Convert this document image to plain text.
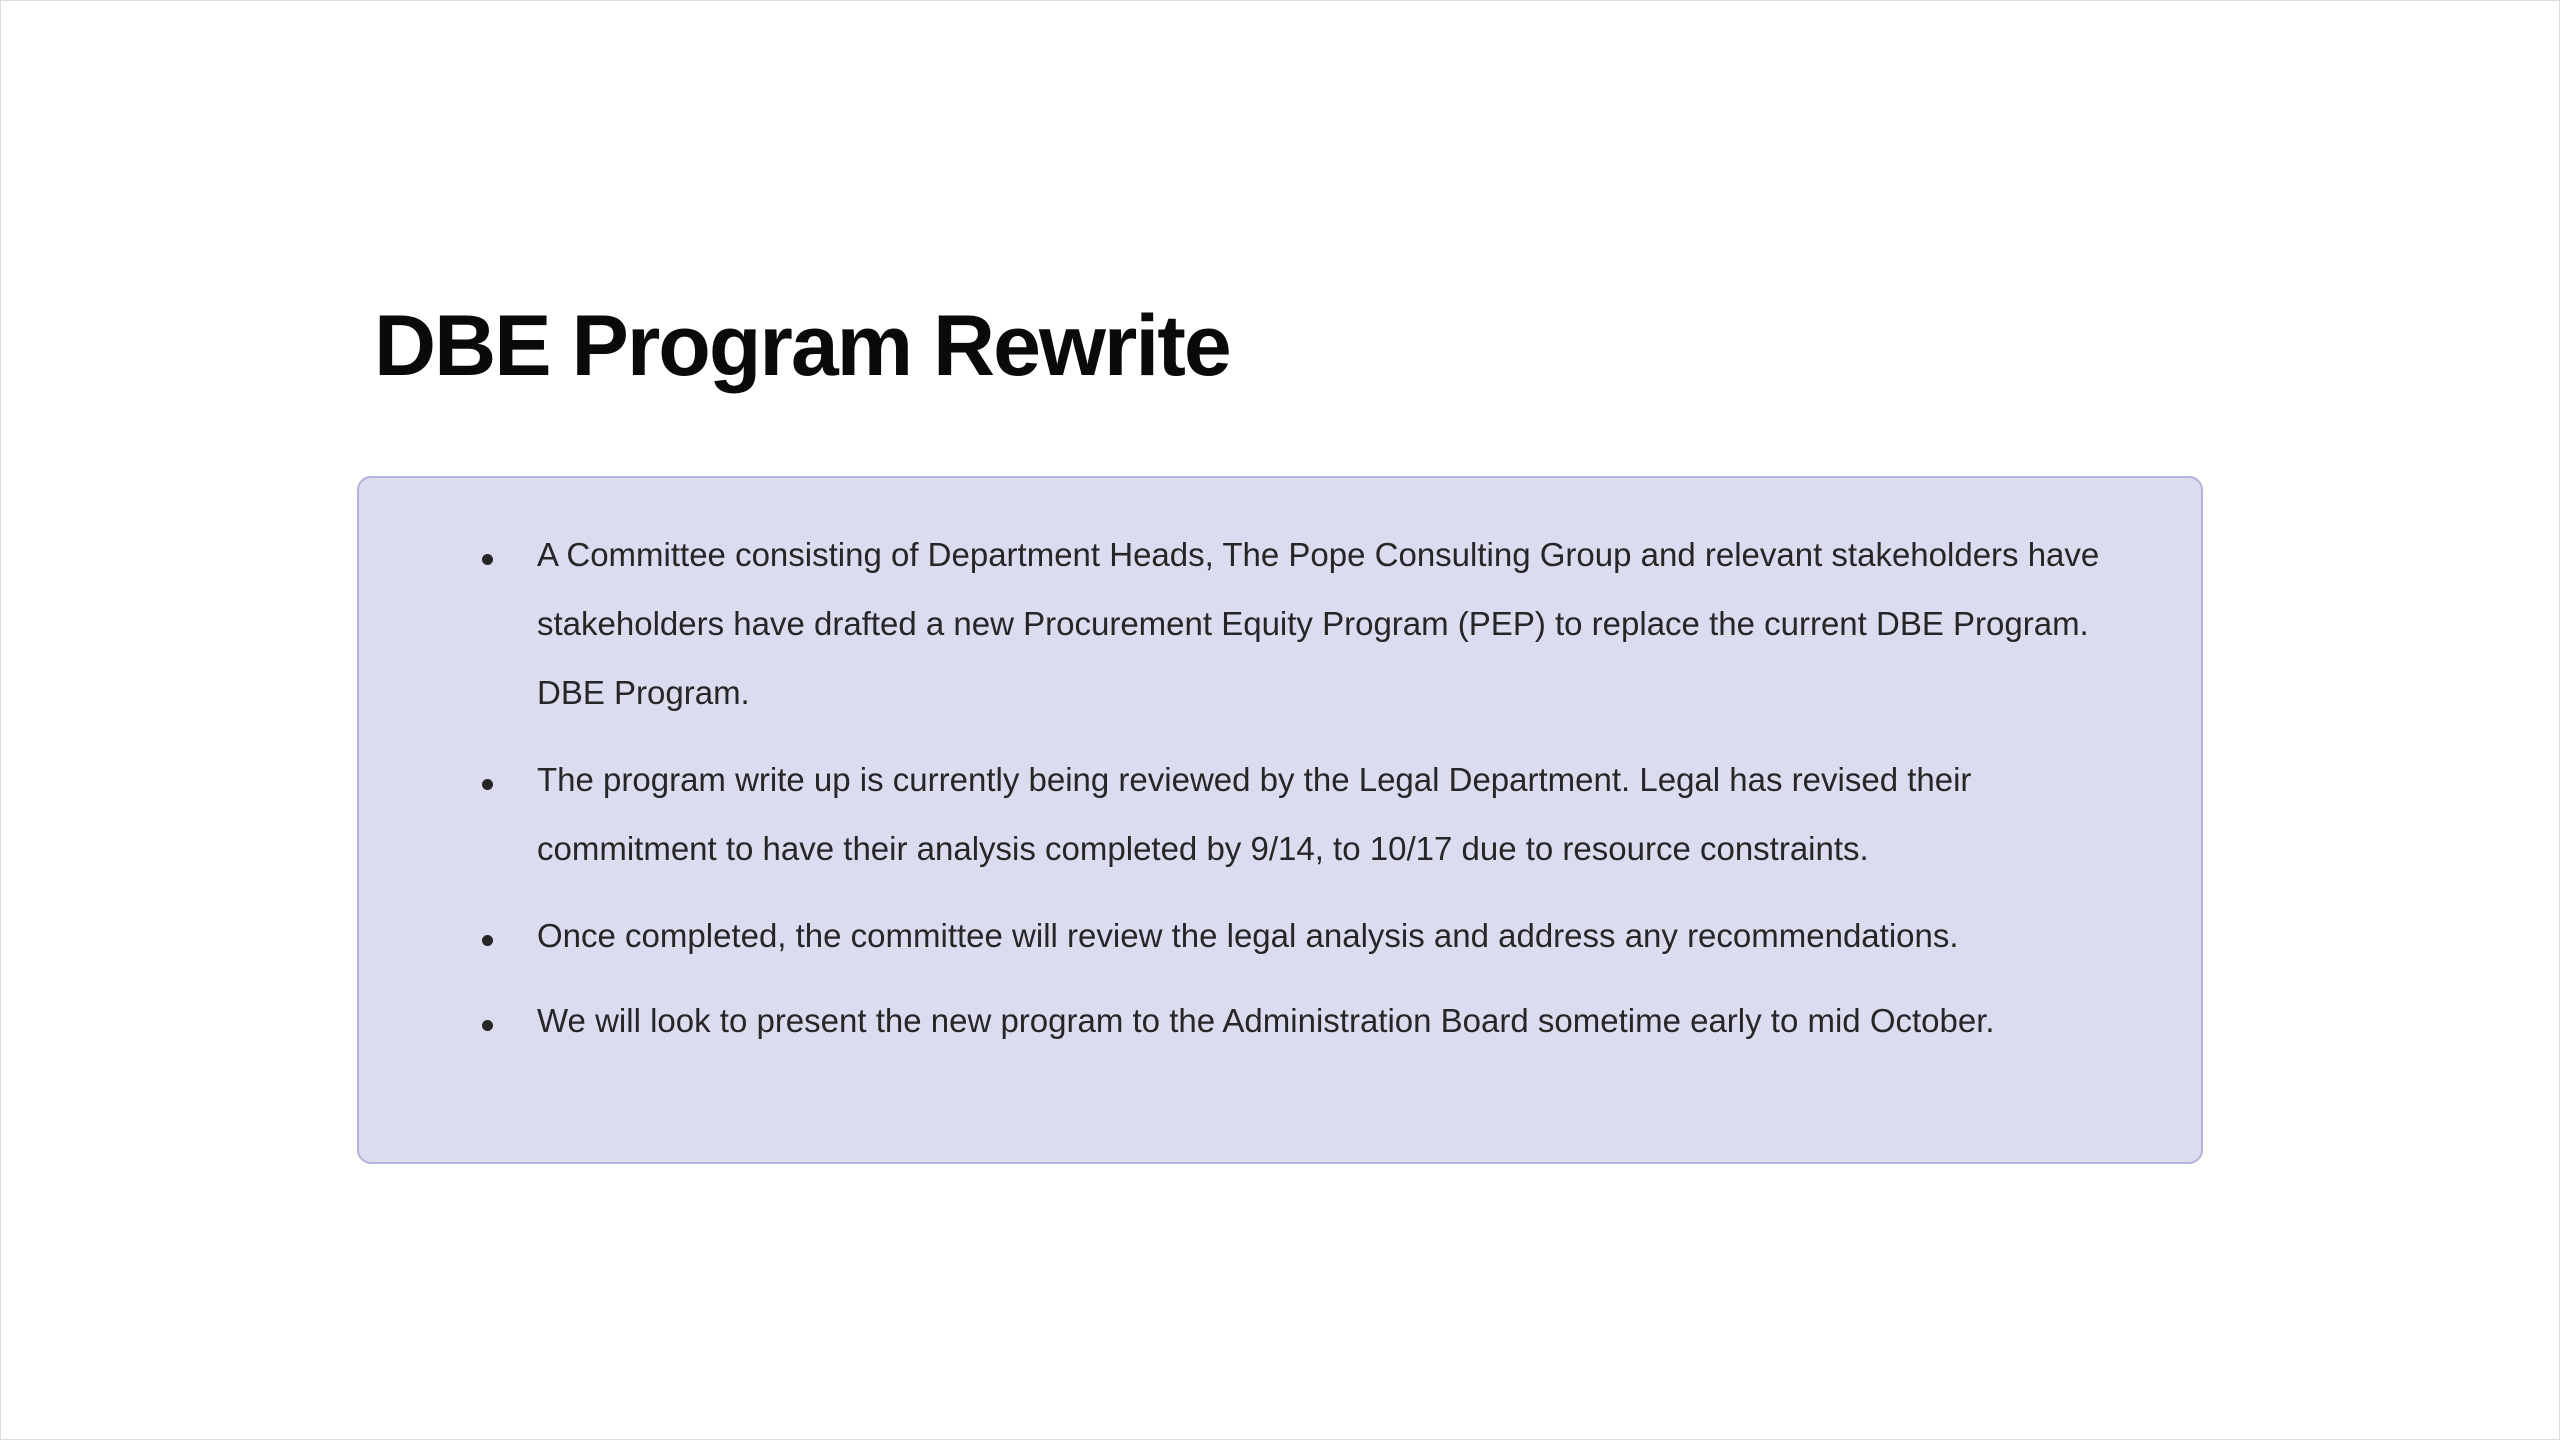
DBE Program Rewrite
A Committee consisting of Department Heads, The Pope Consulting Group and relevant stakeholders have
stakeholders have drafted a new Procurement Equity Program (PEP) to replace the current DBE Program.
DBE Program.
The program write up is currently being reviewed by the Legal Department. Legal has revised their
commitment to have their analysis completed by 9/14, to 10/17 due to resource constraints.
Once completed, the committee will review the legal analysis and address any recommendations.
We will look to present the new program to the Administration Board sometime early to mid October.
